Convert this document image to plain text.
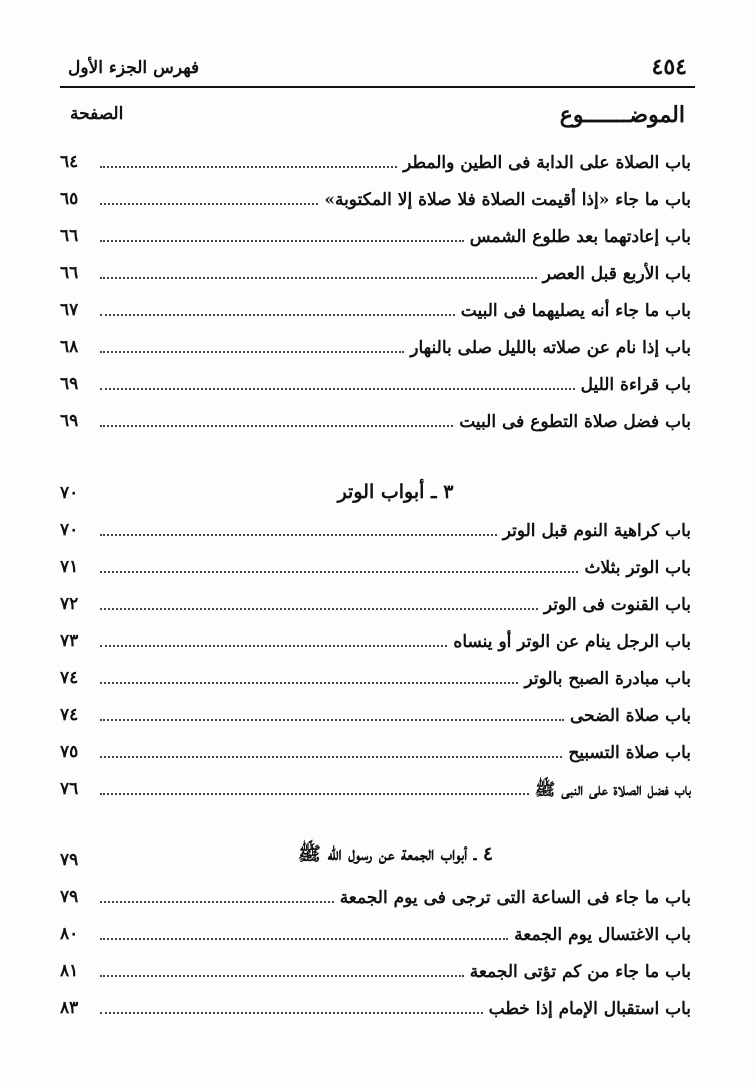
٤٥٤
فهرس الجزء الأول
الموضـــــــوع
الصفحة
باب الصلاة على الدابة فى الطين والمطر
٦٤
باب ما جاء «إذا أقيمت الصلاة فلا صلاة إلا المكتوبة»
٦٥
باب إعادتهما بعد طلوع الشمس
٦٦
باب الأربع قبل العصر
٦٦
باب ما جاء أنه يصليهما فى البيت
٦٧
باب إذا نام عن صلاته بالليل صلى بالنهار
٦٨
باب قراءة الليل
٦٩
باب فضل صلاة التطوع فى البيت
٦٩
٣ ـ أبواب الوتر
٧٠
باب كراهية النوم قبل الوتر
٧٠
باب الوتر بثلاث
٧١
باب القنوت فى الوتر
٧٢
باب الرجل ينام عن الوتر أو ينساه
٧٣
باب مبادرة الصبح بالوتر
٧٤
باب صلاة الضحى
٧٤
باب صلاة التسبيح
٧٥
باب فضل الصلاة على النبى ﷺ
٧٦
٤ ـ أبواب الجمعة عن رسول الله ﷺ
٧٩
باب ما جاء فى الساعة التى ترجى فى يوم الجمعة
٧٩
باب الاغتسال يوم الجمعة
٨٠
باب ما جاء من كم تؤتى الجمعة
٨١
باب استقبال الإمام إذا خطب
٨٣
